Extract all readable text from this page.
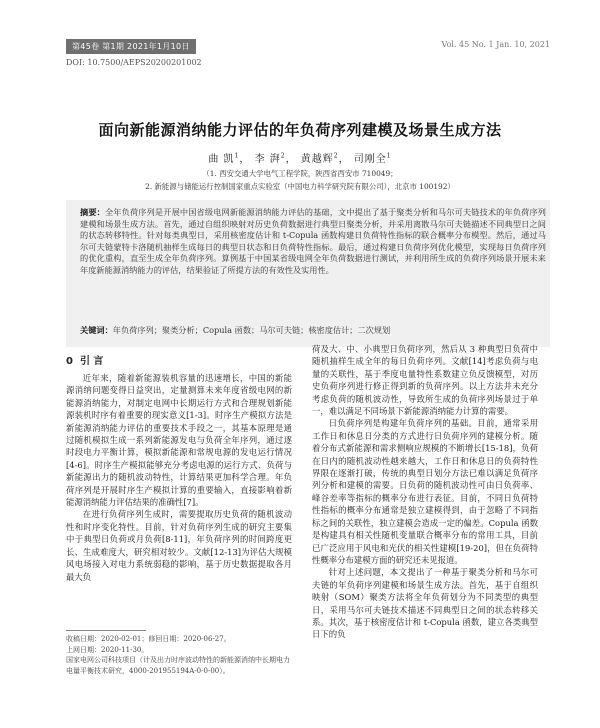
第45卷 第1期 2021年1月10日	Vol. 45 No. 1 Jan. 10, 2021
DOI: 10.7500/AEPS20200201002
面向新能源消纳能力评估的年负荷序列建模及场景生成方法
曲 凯$^1$， 李 湃$^2$， 黄越辉$^2$， 司刚全$^1$
（1. 西安交通大学电气工程学院，陕西省西安市 710049；
2. 新能源与储能运行控制国家重点实验室（中国电力科学研究院有限公司），北京市 100192）
摘要：全年负荷序列是开展中国省级电网新能源消纳能力评估的基础，文中提出了基于聚类分析和马尔可夫链技术的年负荷序列建模和场景生成方法。首先，通过自组织映射对历史负荷数据进行典型日聚类分析，并采用离散马尔可夫链描述不同典型日之间的状态转移特性。针对每类典型日，采用核密度估计和 t-Copula 函数构建日负荷特性指标的联合概率分布模型。然后，通过马尔可夫链蒙特卡洛随机抽样生成每日的典型日状态和日负荷特性指标。最后，通过构建日负荷序列优化模型，实现每日负荷序列的优化重构，直至生成全年负荷序列。算例基于中国某省级电网全年负荷数据进行测试，并利用所生成的负荷序列场景开展未来年度新能源消纳能力的评估，结果验证了所提方法的有效性及实用性。
关键词：年负荷序列；聚类分析；Copula 函数；马尔可夫链；核密度估计；二次规划
0 引 言

近年来，随着新能源装机容量的迅速增长，中国的新能源消纳问题变得日益突出，定量测算未来年度省级电网的新能源消纳能力，对制定电网中长期运行方式和合理规划新能源装机时序有着重要的现实意义[1-3]。时序生产模拟方法是新能源消纳能力评估的重要技术手段之一，其基本原理是通过随机模拟生成一系列新能源发电与负荷全年序列，通过逐时段电力平衡计算，模拟新能源和常规电源的发电运行情况[4-6]。时序生产模拟能够充分考虑电源的运行方式、负荷与新能源出力的随机波动特性，计算结果更加科学合理。年负荷序列是开展时序生产模拟计算的重要输入，直接影响着新能源消纳能力评估结果的准确性[7]。

在进行负荷序列生成时，需要提取历史负荷的随机波动性和时序变化特性。目前，针对负荷序列生成的研究主要集中于典型日负荷或月负荷[8-11]，年负荷序列的时间跨度更长、生成难度大，研究相对较少。文献[12-13]为评估大规模风电场接入对电力系统弱稳的影响，基于历史数据提取各月最大负

荷及大、中、小典型日负荷序列，然后从 3 种典型日负荷中随机抽样生成全年的每日负荷序列。文献[14]考虑负荷与电量的关联性，基于季度电量特性系数建立负反馈模型，对历史负荷序列进行修正得到新的负荷序列。以上方法并未充分考虑负荷的随机波动性，导致所生成的负荷序列场景过于单一，难以满足不同场景下新能源消纳能力计算的需要。

日负荷序列是构建年负荷序列的基础。目前，通常采用工作日和休息日分类的方式进行日负荷序列的建模分析。随着分布式新能源和需求侧响应规模的不断增长[15-18]，负荷在日内的随机波动性越来越大，工作日和休息日的负荷特性界限在逐渐打破，传统的典型日划分方法已难以满足负荷序列分析和建模的需要。日负荷的随机波动性可由日负荷率、峰谷差率等指标的概率分布进行表征。目前，不同日负荷特性指标的概率分布通常是独立建模得到，由于忽略了不同指标之间的关联性，独立建模会造成一定的偏差。Copula 函数是构建具有相关性随机变量联合概率分布的常用工具，目前已广泛应用于风电和光伏的相关性建模[19-20]，但在负荷特性概率分布建模方面的研究还未见报道。

针对上述问题，本文提出了一种基于聚类分析和马尔可夫链的年负荷序列建模和场景生成方法。首先，基于自组织映射（SOM）聚类方法将全年负荷划分为不同类型的典型日，采用马尔可夫链技术描述不同典型日之间的状态转移关系。其次，基于核密度估计和 t-Copula 函数，建立各类典型日下的负

收稿日期：2020-02-01；修回日期：2020-06-27。
上网日期：2020-11-30。
国家电网公司科技项目（计及出力时序波动特性的新能源消纳中长期电力电量平衡技术研究，4000-201955194A-0-0-00）。
